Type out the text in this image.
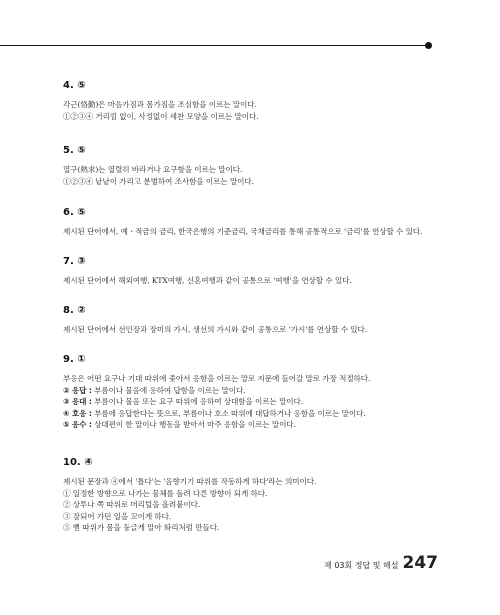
4. ⑤
각근(恪勤)은 마음가짐과 몸가짐을 조심함을 이르는 말이다.
①②③④ 거리낌 없이, 사정없이 세찬 모양을 이르는 말이다.
5. ⑤
열구(熱求)는 열렬히 바라거나 요구함을 이르는 말이다.
①②③④ 낱낱이 가리고 분별하여 조사함을 이르는 말이다.
6. ⑤
제시된 단어에서, 예ㆍ적금의 금리, 한국은행의 기준금리, 국채금리를 통해 공통적으로 '금리'를 연상할 수 있다.
7. ③
제시된 단어에서 해외여행, KTX여행, 신혼여행과 같이 공통으로 '여행'을 연상할 수 있다.
8. ②
제시된 단어에서 선인장과 장미의 가시, 생선의 가시와 같이 공통으로 '가시'를 연상할 수 있다.
9. ①
부응은 어떤 요구나 기대 따위에 좇아서 응함을 이르는 말로 지문에 들어갈 말로 가장 적절하다.
② 응답 : 부름이나 물음에 응하여 답함을 이르는 말이다.
③ 응대 : 부름이나 물음 또는 요구 따위에 응하여 상대함을 이르는 말이다.
④ 호응 : 부름에 응답한다는 뜻으로, 부름이나 호소 따위에 대답하거나 응함을 이르는 말이다.
⑤ 응수 : 상대편이 한 말이나 행동을 받아서 마주 응함을 이르는 말이다.
10. ④
제시된 문장과 ④에서 '틀다'는 '음향기기 따위를 작동하게 하다'라는 의미이다.
① 일정한 방향으로 나가는 물체를 돌려 다른 방향이 되게 하다.
② 상투나 쪽 따위로 머리털을 올려붙이다.
③ 잘되어 가던 일을 꼬이게 하다.
⑤ 뻗 따위가 몸을 둥글게 말아 똬리처럼 만들다.
제 03회 정답 및 해설 247
